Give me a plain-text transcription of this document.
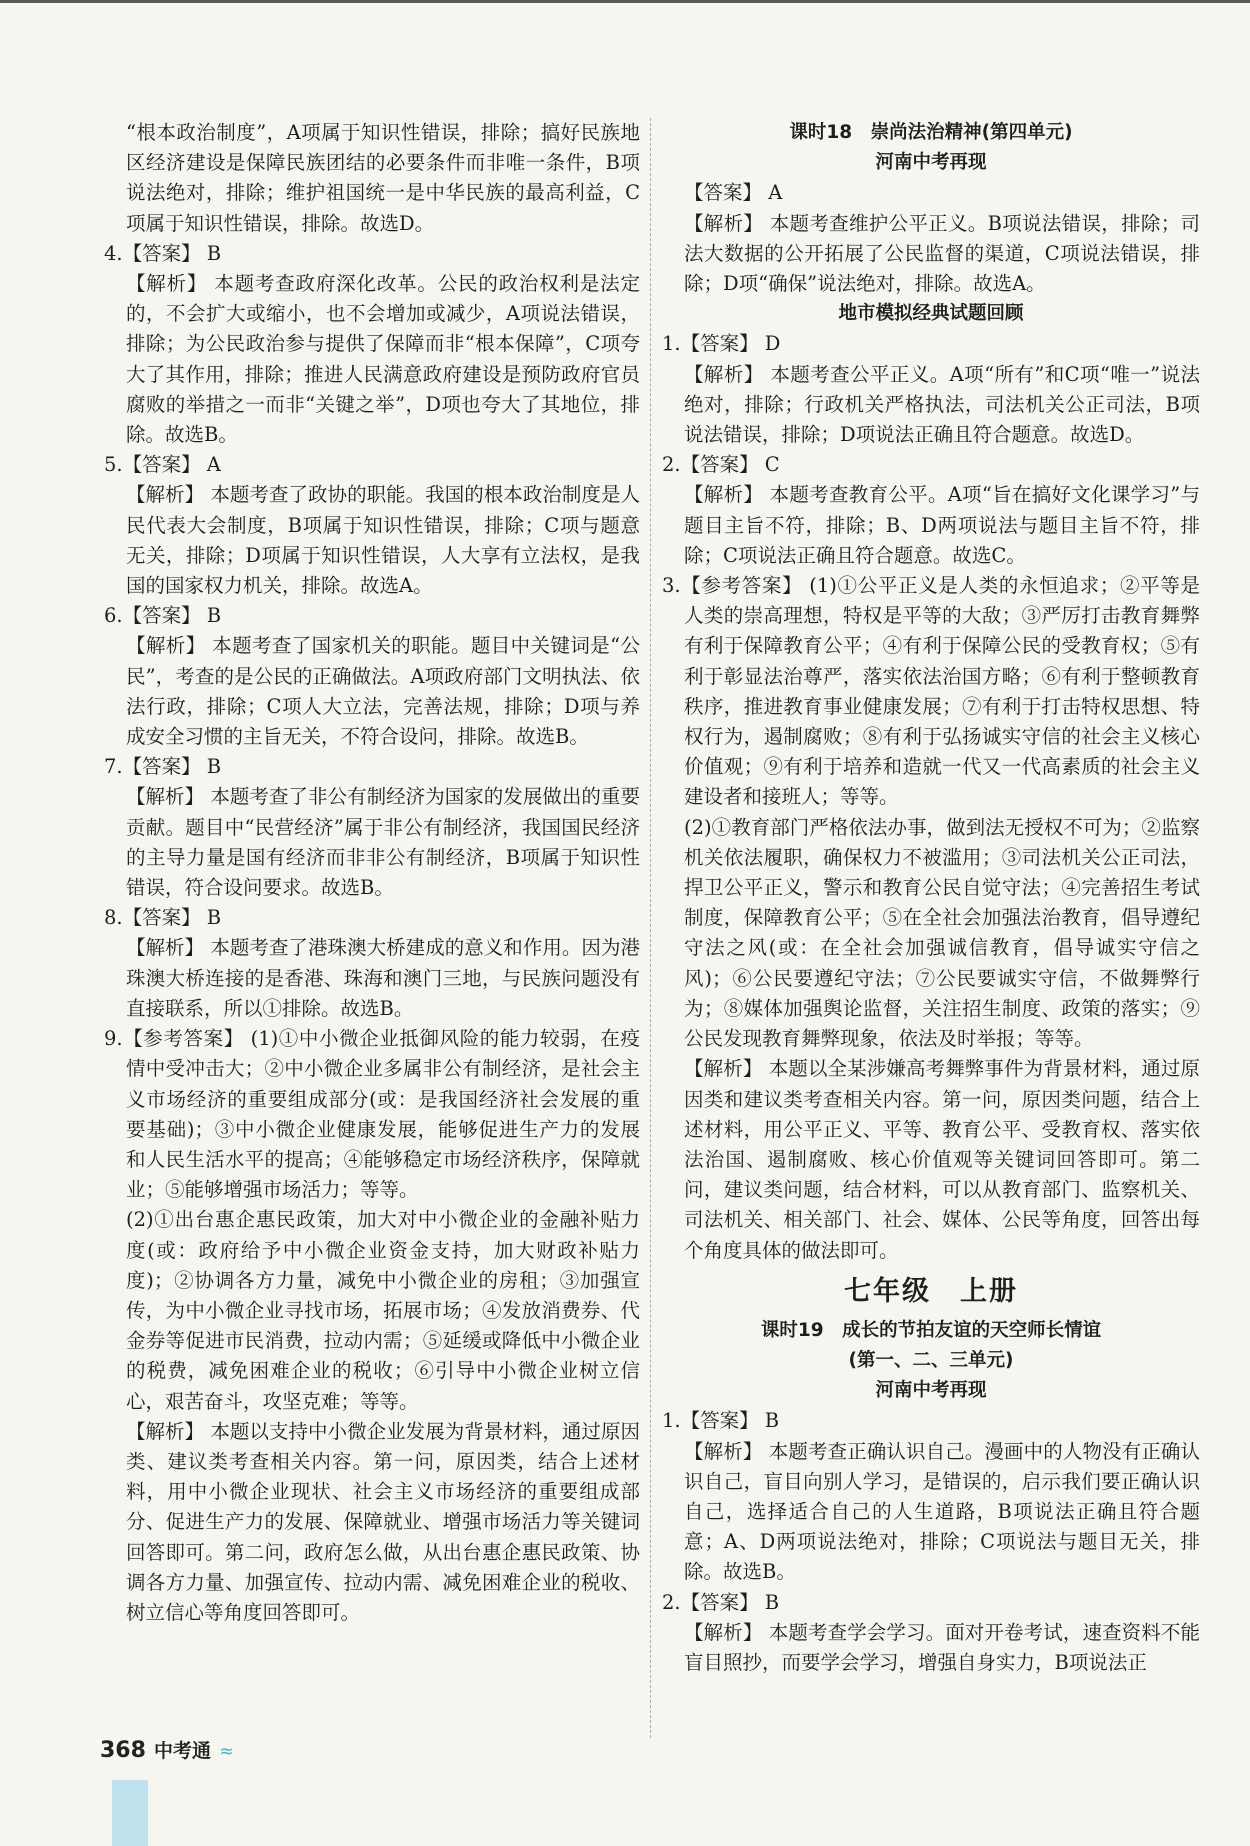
“根本政治制度”，A项属于知识性错误，排除；搞好民族地区经济建设是保障民族团结的必要条件而非唯一条件，B项说法绝对，排除；维护祖国统一是中华民族的最高利益，C项属于知识性错误，排除。故选D。

4.【答案】 B

【解析】 本题考查政府深化改革。公民的政治权利是法定的，不会扩大或缩小，也不会增加或减少，A项说法错误，排除；为公民政治参与提供了保障而非“根本保障”，C项夸大了其作用，排除；推进人民满意政府建设是预防政府官员腐败的举措之一而非“关键之举”，D项也夸大了其地位，排除。故选B。

5.【答案】 A

【解析】 本题考查了政协的职能。我国的根本政治制度是人民代表大会制度，B项属于知识性错误，排除；C项与题意无关，排除；D项属于知识性错误，人大享有立法权，是我国的国家权力机关，排除。故选A。

6.【答案】 B

【解析】 本题考查了国家机关的职能。题目中关键词是“公民”，考查的是公民的正确做法。A项政府部门文明执法、依法行政，排除；C项人大立法，完善法规，排除；D项与养成安全习惯的主旨无关，不符合设问，排除。故选B。

7.【答案】 B

【解析】 本题考查了非公有制经济为国家的发展做出的重要贡献。题目中“民营经济”属于非公有制经济，我国国民经济的主导力量是国有经济而非非公有制经济，B项属于知识性错误，符合设问要求。故选B。

8.【答案】 B

【解析】 本题考查了港珠澳大桥建成的意义和作用。因为港珠澳大桥连接的是香港、珠海和澳门三地，与民族问题没有直接联系，所以①排除。故选B。

9.【参考答案】 (1)①中小微企业抵御风险的能力较弱，在疫情中受冲击大；②中小微企业多属非公有制经济，是社会主义市场经济的重要组成部分(或：是我国经济社会发展的重要基础)；③中小微企业健康发展，能够促进生产力的发展和人民生活水平的提高；④能够稳定市场经济秩序，保障就业；⑤能够增强市场活力；等等。

(2)①出台惠企惠民政策，加大对中小微企业的金融补贴力度(或：政府给予中小微企业资金支持，加大财政补贴力度)；②协调各方力量，减免中小微企业的房租；③加强宣传，为中小微企业寻找市场，拓展市场；④发放消费券、代金券等促进市民消费，拉动内需；⑤延缓或降低中小微企业的税费，减免困难企业的税收；⑥引导中小微企业树立信心，艰苦奋斗，攻坚克难；等等。

【解析】 本题以支持中小微企业发展为背景材料，通过原因类、建议类考查相关内容。第一问，原因类，结合上述材料，用中小微企业现状、社会主义市场经济的重要组成部分、促进生产力的发展、保障就业、增强市场活力等关键词回答即可。第二问，政府怎么做，从出台惠企惠民政策、协调各方力量、加强宣传、拉动内需、减免困难企业的税收、树立信心等角度回答即可。

课时18　崇尚法治精神(第四单元)

河南中考再现

【答案】 A

【解析】 本题考查维护公平正义。B项说法错误，排除；司法大数据的公开拓展了公民监督的渠道，C项说法错误，排除；D项“确保”说法绝对，排除。故选A。

地市模拟经典试题回顾

1.【答案】 D

【解析】 本题考查公平正义。A项“所有”和C项“唯一”说法绝对，排除；行政机关严格执法，司法机关公正司法，B项说法错误，排除；D项说法正确且符合题意。故选D。

2.【答案】 C

【解析】 本题考查教育公平。A项“旨在搞好文化课学习”与题目主旨不符，排除；B、D两项说法与题目主旨不符，排除；C项说法正确且符合题意。故选C。

3.【参考答案】 (1)①公平正义是人类的永恒追求；②平等是人类的崇高理想，特权是平等的大敌；③严厉打击教育舞弊有利于保障教育公平；④有利于保障公民的受教育权；⑤有利于彰显法治尊严，落实依法治国方略；⑥有利于整顿教育秩序，推进教育事业健康发展；⑦有利于打击特权思想、特权行为，遏制腐败；⑧有利于弘扬诚实守信的社会主义核心价值观；⑨有利于培养和造就一代又一代高素质的社会主义建设者和接班人；等等。

(2)①教育部门严格依法办事，做到法无授权不可为；②监察机关依法履职，确保权力不被滥用；③司法机关公正司法，捍卫公平正义，警示和教育公民自觉守法；④完善招生考试制度，保障教育公平；⑤在全社会加强法治教育，倡导遵纪守法之风(或：在全社会加强诚信教育，倡导诚实守信之风)；⑥公民要遵纪守法；⑦公民要诚实守信，不做舞弊行为；⑧媒体加强舆论监督，关注招生制度、政策的落实；⑨公民发现教育舞弊现象，依法及时举报；等等。

【解析】 本题以全某涉嫌高考舞弊事件为背景材料，通过原因类和建议类考查相关内容。第一问，原因类问题，结合上述材料，用公平正义、平等、教育公平、受教育权、落实依法治国、遏制腐败、核心价值观等关键词回答即可。第二问，建议类问题，结合材料，可以从教育部门、监察机关、司法机关、相关部门、社会、媒体、公民等角度，回答出每个角度具体的做法即可。

七年级　上册

课时19　成长的节拍友谊的天空师长情谊

(第一、二、三单元)

河南中考再现

1.【答案】 B

【解析】 本题考查正确认识自己。漫画中的人物没有正确认识自己，盲目向别人学习，是错误的，启示我们要正确认识自己，选择适合自己的人生道路，B项说法正确且符合题意；A、D两项说法绝对，排除；C项说法与题目无关，排除。故选B。

2.【答案】 B

【解析】 本题考查学会学习。面对开卷考试，速查资料不能盲目照抄，而要学会学习，增强自身实力，B项说法正

368 中考通 ≈
